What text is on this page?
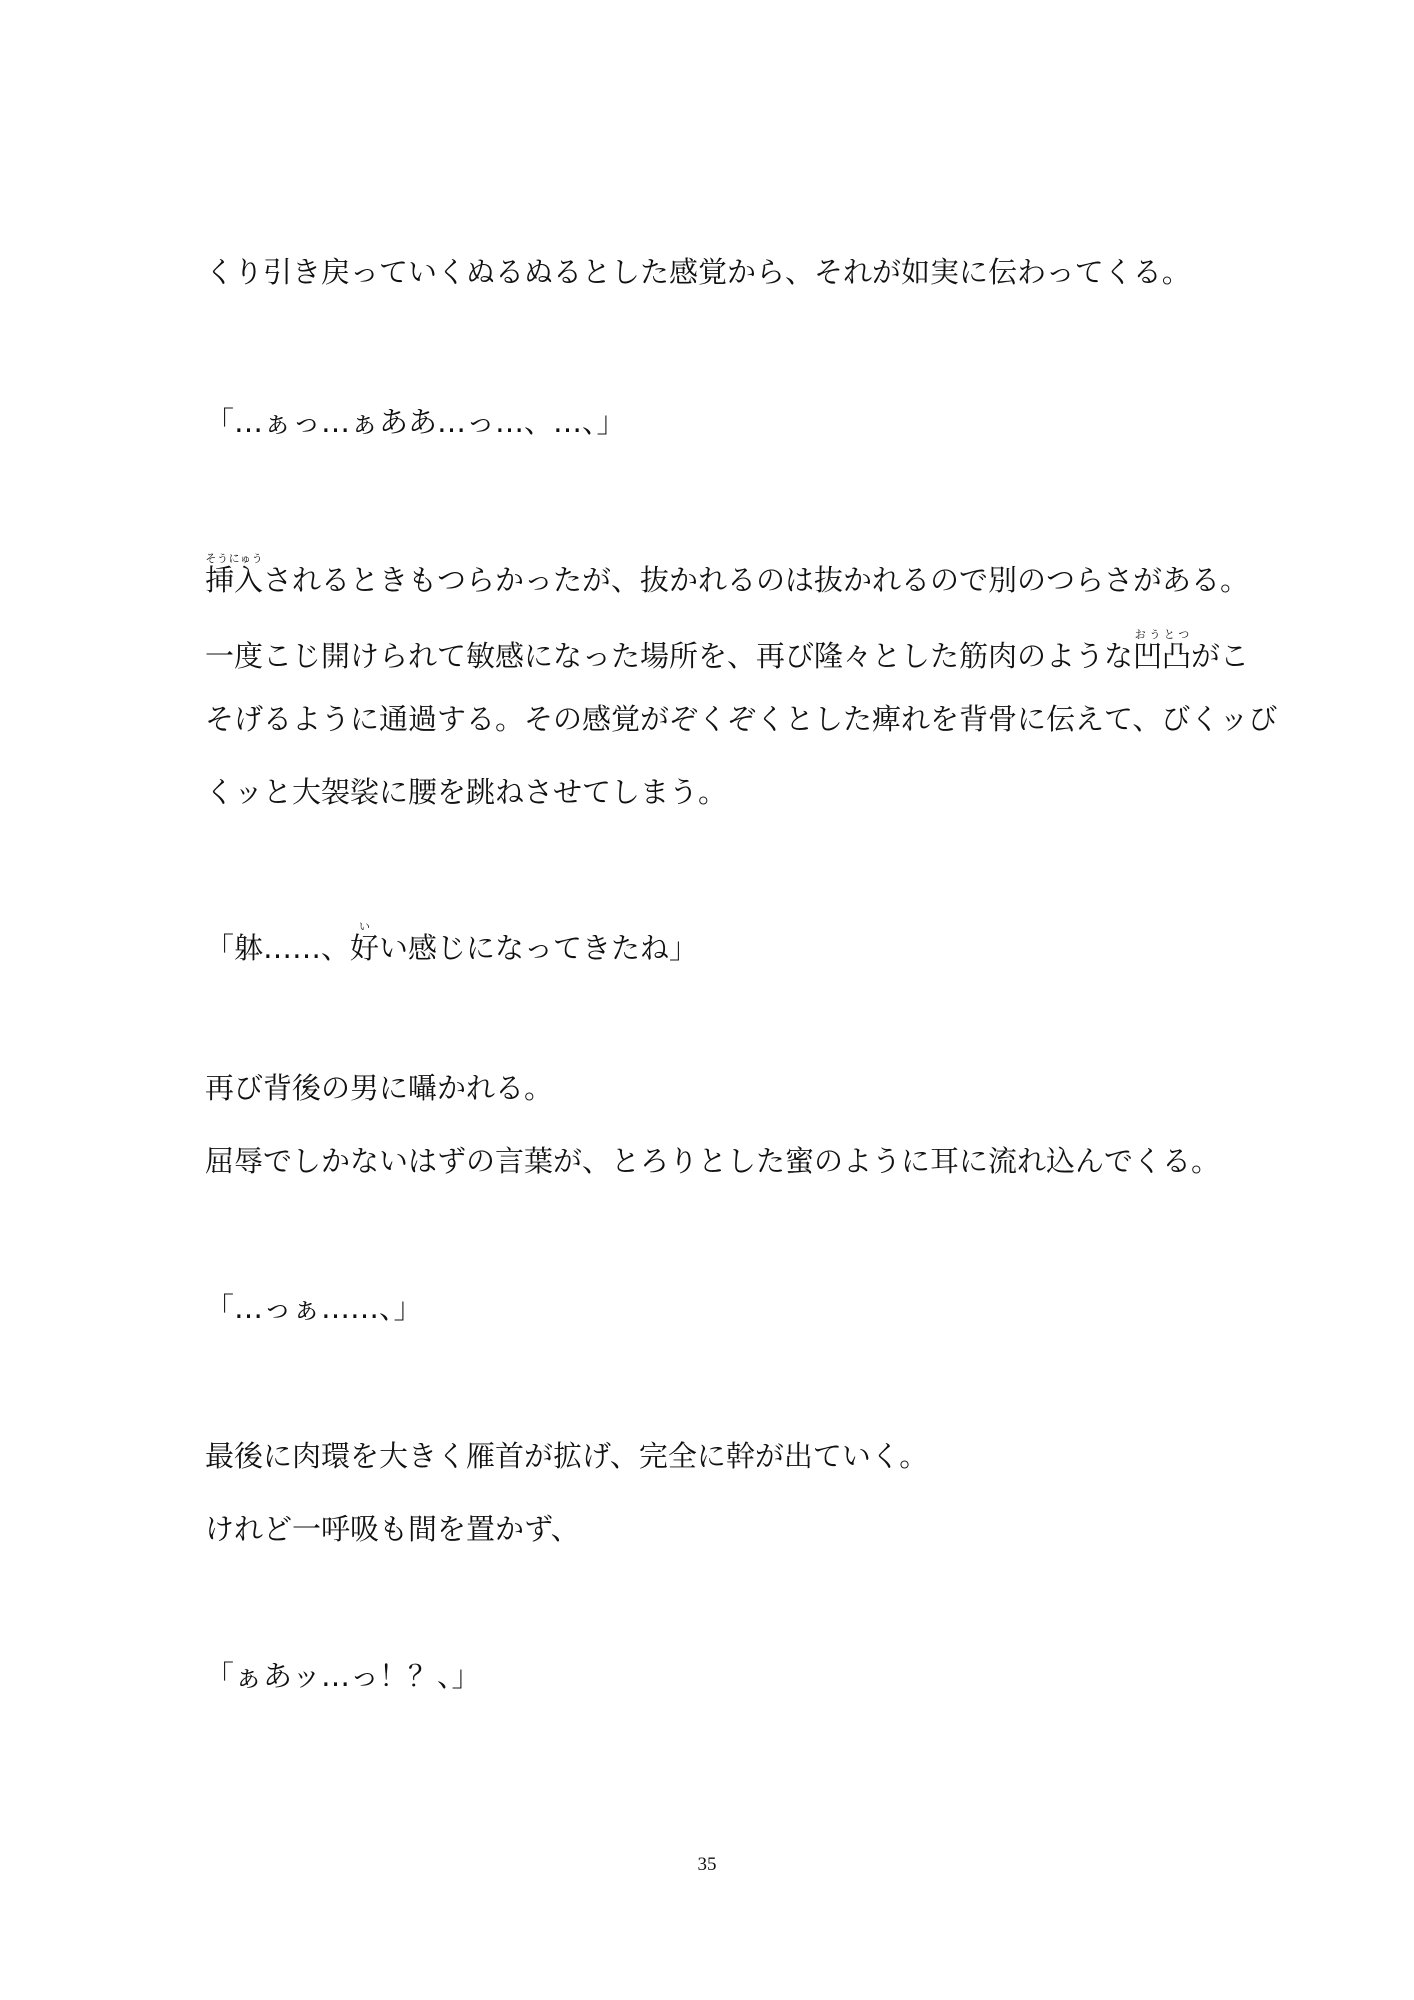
くり引き戻っていくぬるぬるとした感覚から、それが如実に伝わってくる。
「…ぁっ…ぁああ…っ…、…、」
挿入そうにゅうされるときもつらかったが、抜かれるのは抜かれるので別のつらさがある。
一度こじ開けられて敏感になった場所を、再び隆々とした筋肉のような凹凸おうとつがこ
そげるように通過する。その感覚がぞくぞくとした痺れを背骨に伝えて、びくッび
くッと大袈裟に腰を跳ねさせてしまう。
「躰……、好いい感じになってきたね」
再び背後の男に囁かれる。
屈辱でしかないはずの言葉が、とろりとした蜜のように耳に流れ込んでくる。
「…っぁ……、」
最後に肉環を大きく雁首が拡げ、完全に幹が出ていく。
けれど一呼吸も間を置かず、
「ぁあッ…っ！？、」
35
